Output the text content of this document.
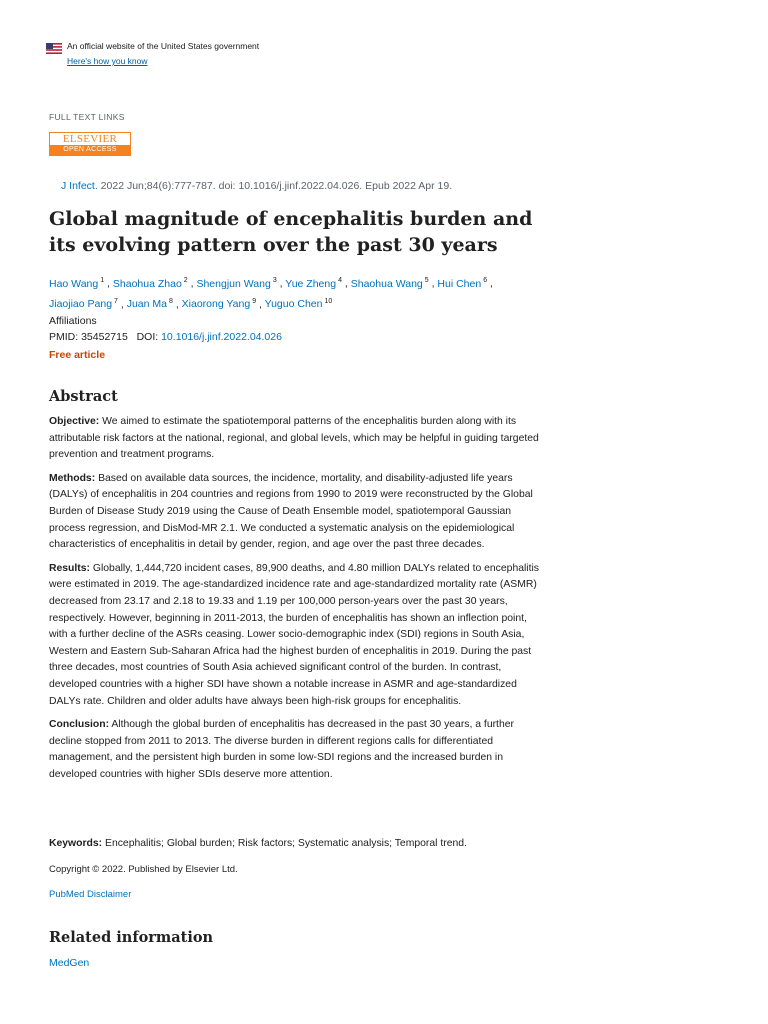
An official website of the United States government
Here's how you know
FULL TEXT LINKS
ELSEVIER
OPEN ACCESS
J Infect. 2022 Jun;84(6):777-787. doi: 10.1016/j.jinf.2022.04.026. Epub 2022 Apr 19.
Global magnitude of encephalitis burden and its evolving pattern over the past 30 years
Hao Wang $^1$ , Shaohua Zhao $^2$ , Shengjun Wang $^3$ , Yue Zheng $^4$ , Shaohua Wang $^5$ , Hui Chen $^6$ ,
Jiaojiao Pang $^7$ , Juan Ma $^8$ , Xiaorong Yang $^9$ , Yuguo Chen $^{10}$
Affiliations
PMID: 35452715 DOI: 10.1016/j.jinf.2022.04.026
Free article
Abstract

Objective: We aimed to estimate the spatiotemporal patterns of the encephalitis burden along with its attributable risk factors at the national, regional, and global levels, which may be helpful in guiding targeted prevention and treatment programs.

Methods: Based on available data sources, the incidence, mortality, and disability-adjusted life years (DALYs) of encephalitis in 204 countries and regions from 1990 to 2019 were reconstructed by the Global Burden of Disease Study 2019 using the Cause of Death Ensemble model, spatiotemporal Gaussian process regression, and DisMod-MR 2.1. We conducted a systematic analysis on the epidemiological characteristics of encephalitis in detail by gender, region, and age over the past three decades.

Results: Globally, 1,444,720 incident cases, 89,900 deaths, and 4.80 million DALYs related to encephalitis were estimated in 2019. The age-standardized incidence rate and age-standardized mortality rate (ASMR) decreased from 23.17 and 2.18 to 19.33 and 1.19 per 100,000 person-years over the past 30 years, respectively. However, beginning in 2011-2013, the burden of encephalitis has shown an inflection point, with a further decline of the ASRs ceasing. Lower socio-demographic index (SDI) regions in South Asia, Western and Eastern Sub-Saharan Africa had the highest burden of encephalitis in 2019. During the past three decades, most countries of South Asia achieved significant control of the burden. In contrast, developed countries with a higher SDI have shown a notable increase in ASMR and age-standardized DALYs rate. Children and older adults have always been high-risk groups for encephalitis.

Conclusion: Although the global burden of encephalitis has decreased in the past 30 years, a further decline stopped from 2011 to 2013. The diverse burden in different regions calls for differentiated management, and the persistent high burden in some low-SDI regions and the increased burden in developed countries with higher SDIs deserve more attention.

Keywords: Encephalitis; Global burden; Risk factors; Systematic analysis; Temporal trend.
Copyright © 2022. Published by Elsevier Ltd.
PubMed Disclaimer
Related information
MedGen
